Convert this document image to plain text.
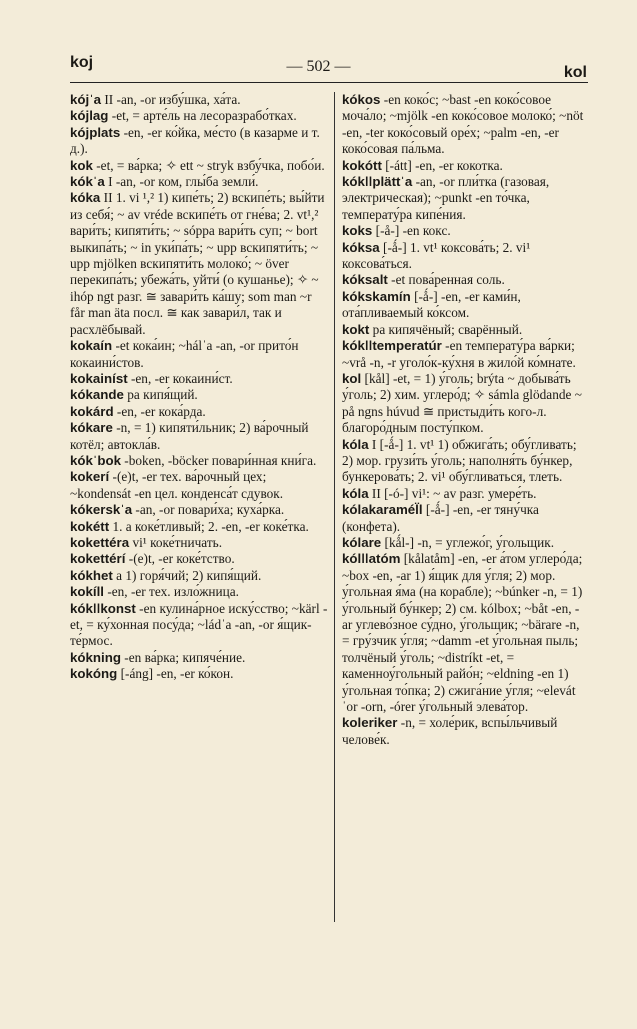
koj	— 502 —	kol

kójˈa II -an, -or избу́шка, ха́та.

kójlag -et, = арте́ль на лесоразрабо́тках.

kójplats -en, -er ко́йка, ме́сто (в казарме и т. д.).

kok -et, = ва́рка; ✧ ett ~ stryk взбу́чка, побо́и.

kókˈa I -an, -or ком, глы́ба земли́.

kóka II 1. vi ¹,² 1) кипе́ть; 2) вскипе́ть; вы́йти из себя́; ~ av vréde вскипе́ть от гне́ва; 2. vt¹,² вари́ть; кипяти́ть; ~ sóppa вари́ть суп; ~ bort выкипа́ть; ~ in уки́па́ть; ~ upp вскипяти́ть; ~ upp mjölken вскипяти́ть молоко́; ~ över перекипа́ть; убежа́ть, уйти́ (о кушанье); ✧ ~ ihóp ngt разг. ≅ завари́ть ка́шу; som man ~r får man äta посл. ≅ как завари́л, так и расхлёбывай.

kokaín -et кока́ин; ~hálˈa -an, -or прито́н кокаини́стов.

kokainíst -en, -er кокаини́ст.

kókande pa кипя́щий.

kokárd -en, -er кока́рда.

kókare -n, = 1) кипяти́льник; 2) ва́рочный котёл; автокла́в.

kókˈbok -boken, -böcker повари́нная кни́га.

kokerí -(e)t, -er тех. ва́рочный цех; ~kondensát -en цел. конденса́т сдувок.

kókerskˈa -an, -or повари́ха; куха́рка.

kokétt 1. a коке́тливый; 2. -en, -er коке́тка.

kokettéra vi¹ коке́тничать.

kokettérí -(e)t, -er коке́тство.

kókhet a 1) горя́чий; 2) кипя́щий.

kokíll -en, -er тех. изло́жница.

kókǀǀkonst -en кулина́рное иску́сство; ~kärl -et, = ку́хонная посу́да; ~ládˈa -an, -or я́щик-те́рмос.

kókning -en ва́рка; кипяче́ние.

kokóng [-áng] -en, -er ко́кон.

kókos -en коко́с; ~bast -en коко́совое моча́ло; ~mjölk -en коко́совое молоко́; ~nöt -en, -ter коко́совый оре́х; ~palm -en, -er коко́совая па́льма.

kokótt [-átt] -en, -er кокотка.

kókǀǀplättˈa -an, -or пли́тка (газовая, электрическая); ~punkt -en то́чка, температу́ра кипе́ния.

koks [-å-] -en кокс.

kóksa [-ǻ-] 1. vt¹ коксова́ть; 2. vi¹ коксова́ться.

kóksalt -et пова́ренная соль.

kókskamín [-ǻ-] -en, -er ками́н, ота́пливаемый ко́ксом.

kokt pa кипячёный; сварённый.

kókǀǀtemperatúr -en температу́ра ва́рки; ~vrå -n, -r уголо́к-ку́хня в жило́й ко́мнате.

kol [kål] -et, = 1) у́голь; brýta ~ добыва́ть у́голь; 2) хим. углеро́д; ✧ sámla glödande ~ på ngns húvud ≅ пристыди́ть кого-л. благоро́дным посту́пком.

kóla I [-ǻ-] 1. vt¹ 1) обжига́ть; обу́гливать; 2) мор. грузи́ть у́голь; наполня́ть бу́нкер, бункерова́ть; 2. vi¹ обу́гливаться, тлеть.

kóla II [-ó-] vi¹: ~ av разг. умере́ть.

kólakaramél̈l [-ǻ-] -en, -er тяну́чка (конфета).

kólare [kǻl-] -n, = углежо́г, у́гольщик.

kólǀǀatóm [kålatåm] -en, -er а́том углеро́да; ~box -en, -ar 1) я́щик для у́гля; 2) мор. у́гольная я́ма (на корабле); ~búnker -n, = 1) у́гольный бу́нкер; 2) см. kólbox; ~båt -en, -ar углево́зное су́дно, у́гольщик; ~bärare -n, = гру́зчик у́гля; ~damm -et у́гольная пыль; толчёный у́голь; ~distríkt -et, = каменноу́гольный райо́н; ~eldning -en 1) у́гольная то́пка; 2) сжига́ние у́гля; ~elevátˈor -orn, -órer у́гольный элева́тор.

koleriker -n, = холе́рик, вспы́льчивый челове́к.
